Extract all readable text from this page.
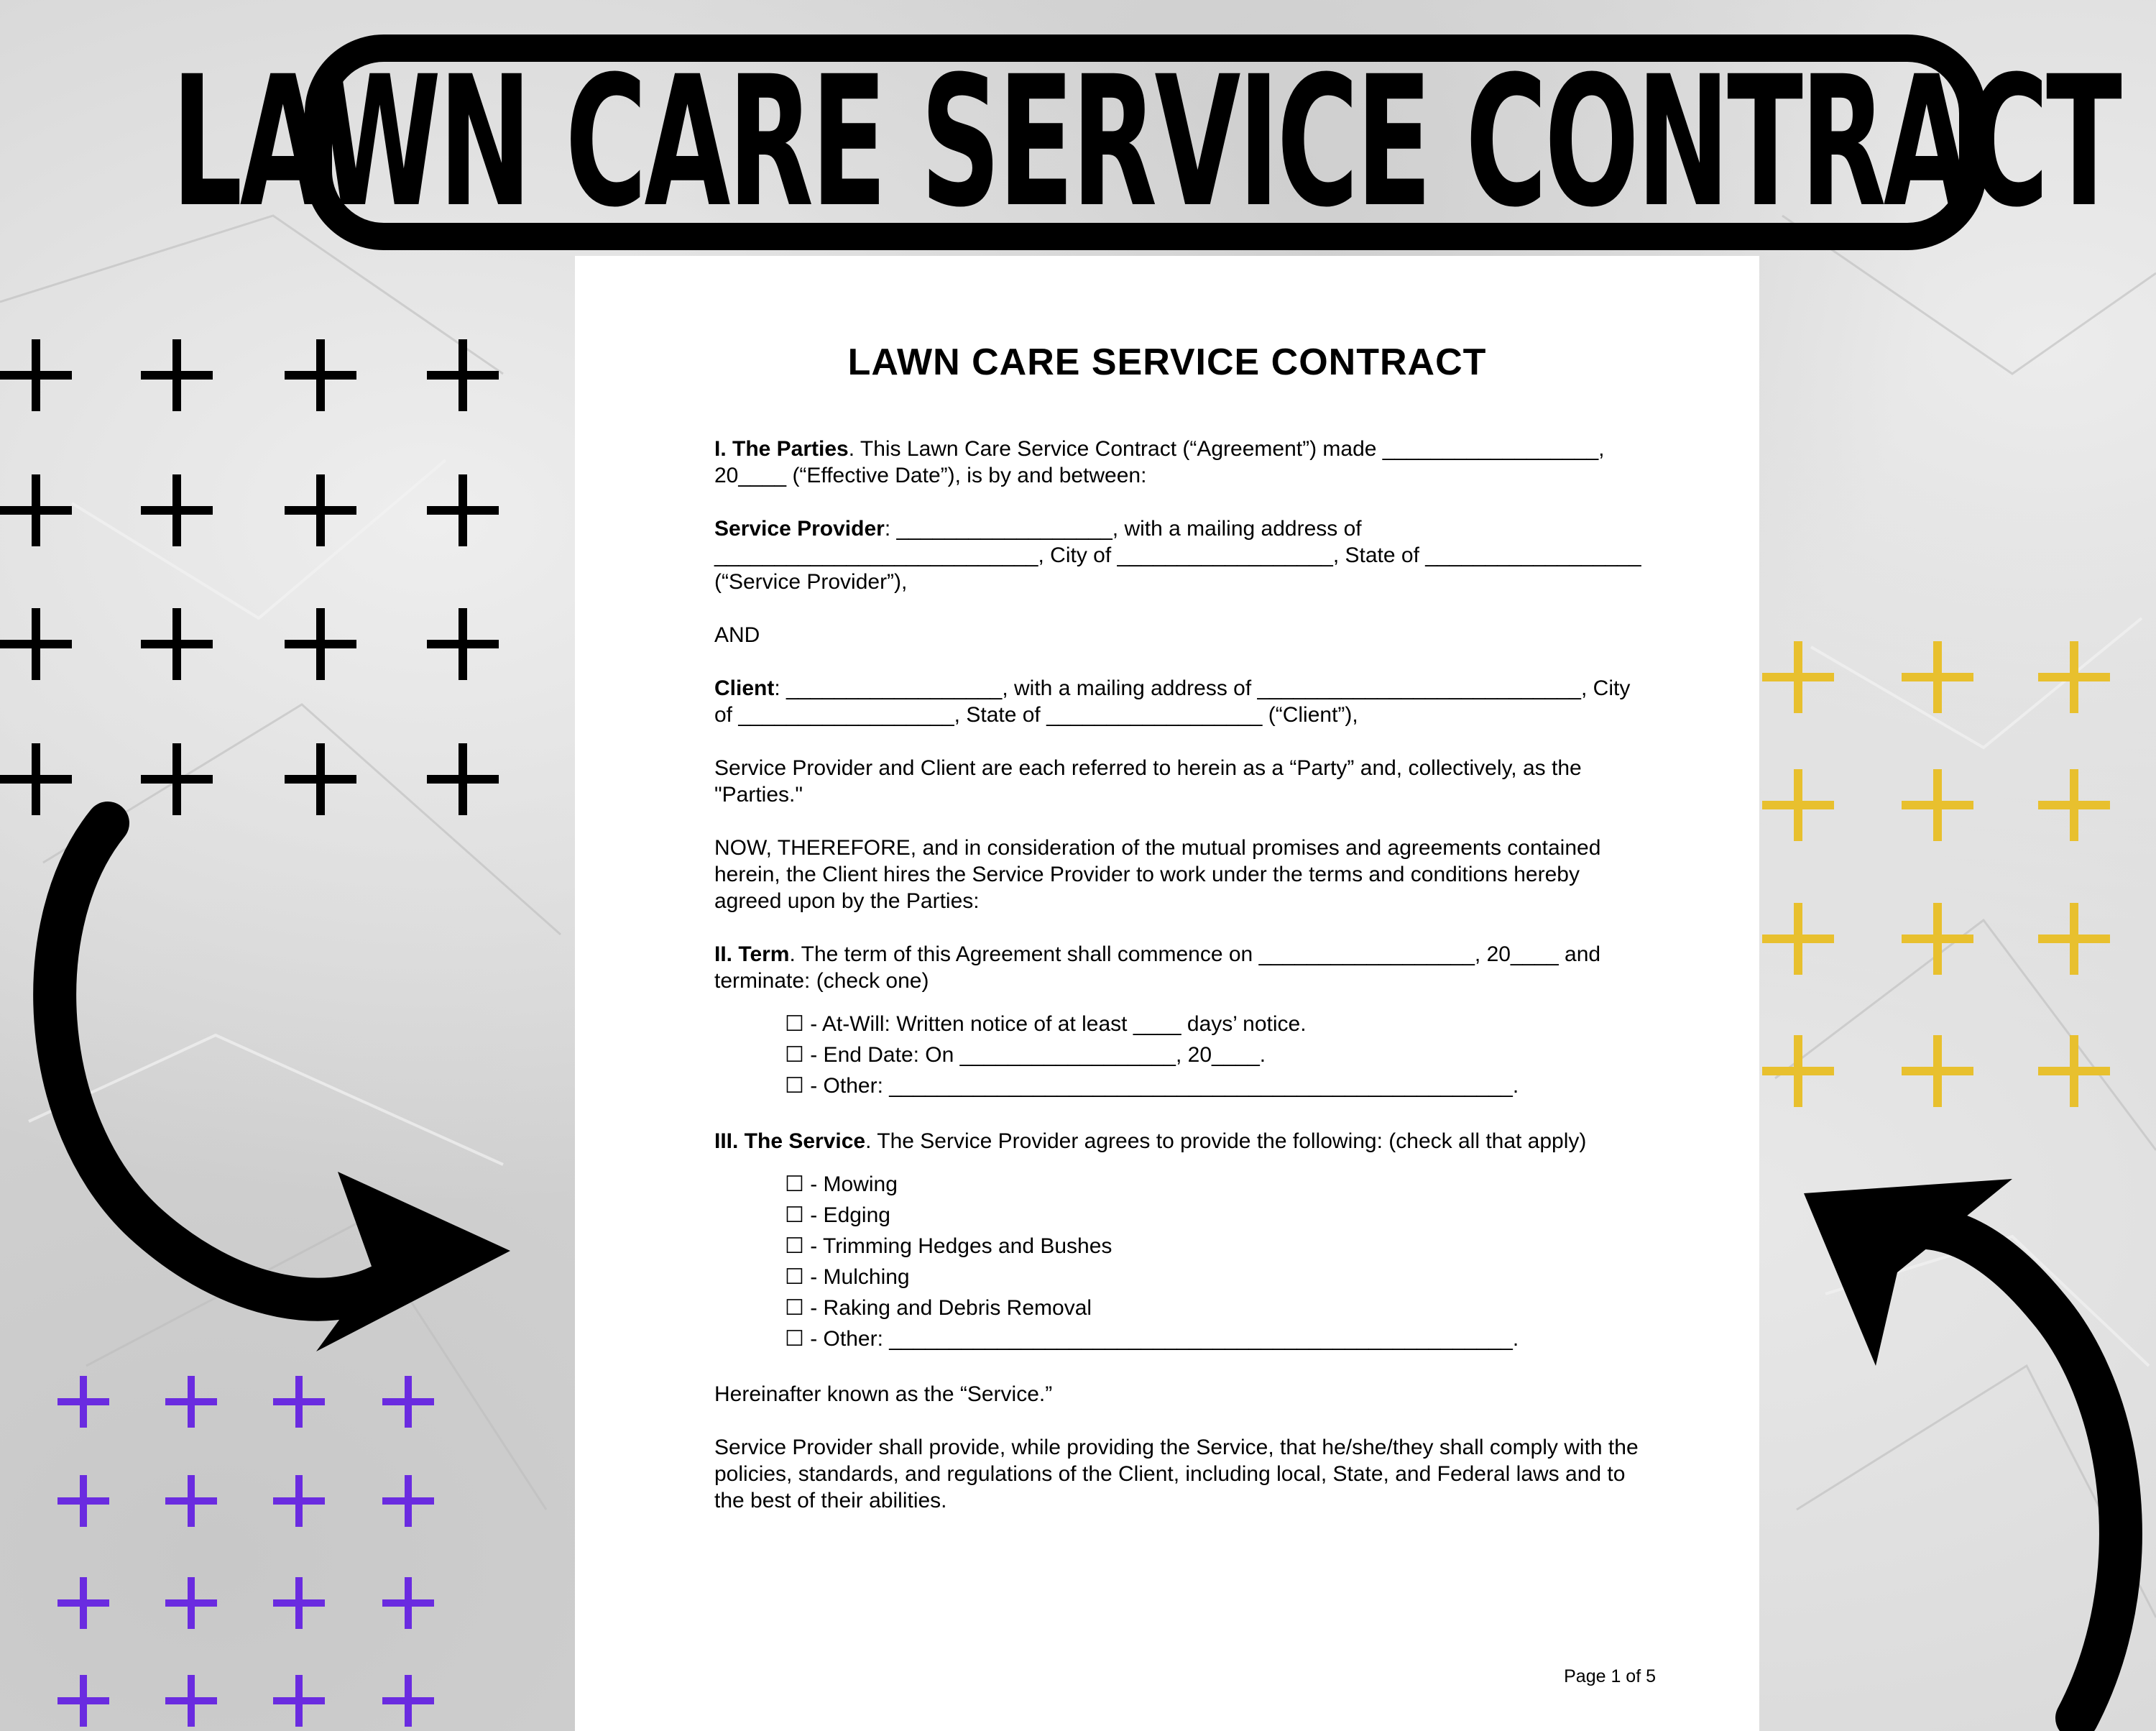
LAWN CARE SERVICE CONTRACT
LAWN CARE SERVICE CONTRACT

I. The Parties. This Lawn Care Service Contract (“Agreement”) made __________________, 20____ (“Effective Date”), is by and between:

Service Provider: __________________, with a mailing address of ___________________________, City of __________________, State of __________________ (“Service Provider”),

AND

Client: __________________, with a mailing address of ___________________________, City of __________________, State of __________________ (“Client”),

Service Provider and Client are each referred to herein as a “Party” and, collectively, as the "Parties."

NOW, THEREFORE, and in consideration of the mutual promises and agreements contained herein, the Client hires the Service Provider to work under the terms and conditions hereby agreed upon by the Parties:

II. Term. The term of this Agreement shall commence on __________________, 20____ and terminate: (check one)

☐ - At-Will: Written notice of at least ____ days’ notice.
☐ - End Date: On __________________, 20____.
☐ - Other: ____________________________________________________.

III. The Service. The Service Provider agrees to provide the following: (check all that apply)

☐ - Mowing
☐ - Edging
☐ - Trimming Hedges and Bushes
☐ - Mulching
☐ - Raking and Debris Removal
☐ - Other: ____________________________________________________.

Hereinafter known as the “Service.”

Service Provider shall provide, while providing the Service, that he/she/they shall comply with the policies, standards, and regulations of the Client, including local, State, and Federal laws and to the best of their abilities.

Page 1 of 5
